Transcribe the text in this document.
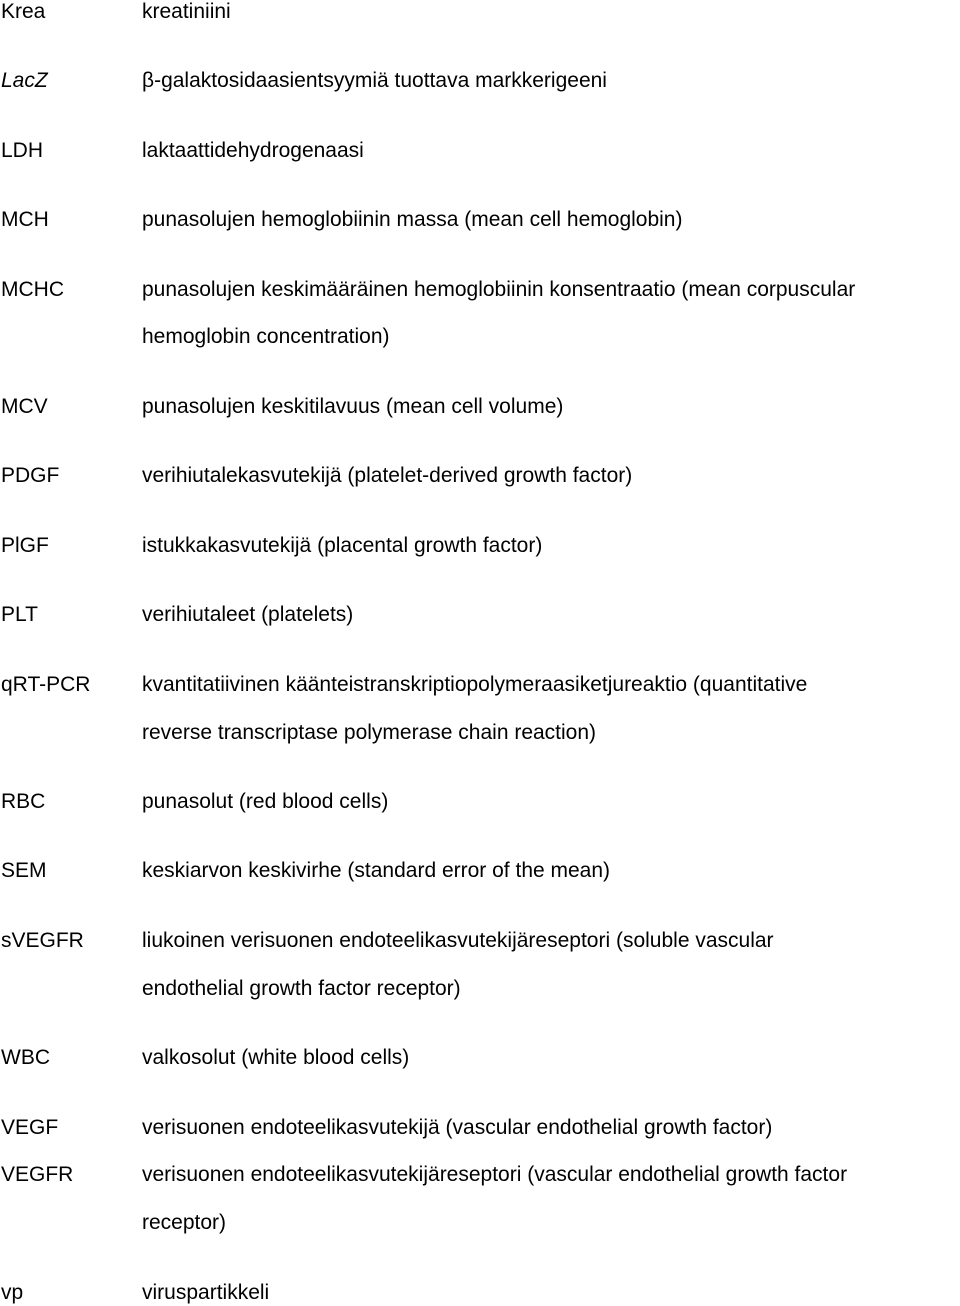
Krea	kreatiniini
LacZ	β-galaktosidaasientsyymiä tuottava markkerigeeni
LDH	laktaattidehydrogenaasi
MCH	punasolujen hemoglobiinin massa (mean cell hemoglobin)
MCHC	punasolujen keskimääräinen hemoglobiinin konsentraatio (mean corpuscular
hemoglobin concentration)
MCV	punasolujen keskitilavuus (mean cell volume)
PDGF	verihiutalekasvutekijä (platelet-derived growth factor)
PlGF	istukkakasvutekijä (placental growth factor)
PLT	verihiutaleet (platelets)
qRT-PCR kvantitatiivinen käänteistranskriptiopolymeraasiketjureaktio (quantitative
reverse transcriptase polymerase chain reaction)
RBC	punasolut (red blood cells)
SEM	keskiarvon keskivirhe (standard error of the mean)
sVEGFR	liukoinen verisuonen endoteelikasvutekijäreseptori (soluble vascular
endothelial growth factor receptor)
WBC	valkosolut (white blood cells)
VEGF	verisuonen endoteelikasvutekijä (vascular endothelial growth factor)
VEGFR	verisuonen endoteelikasvutekijäreseptori (vascular endothelial growth factor
receptor)
vp	viruspartikkeli
